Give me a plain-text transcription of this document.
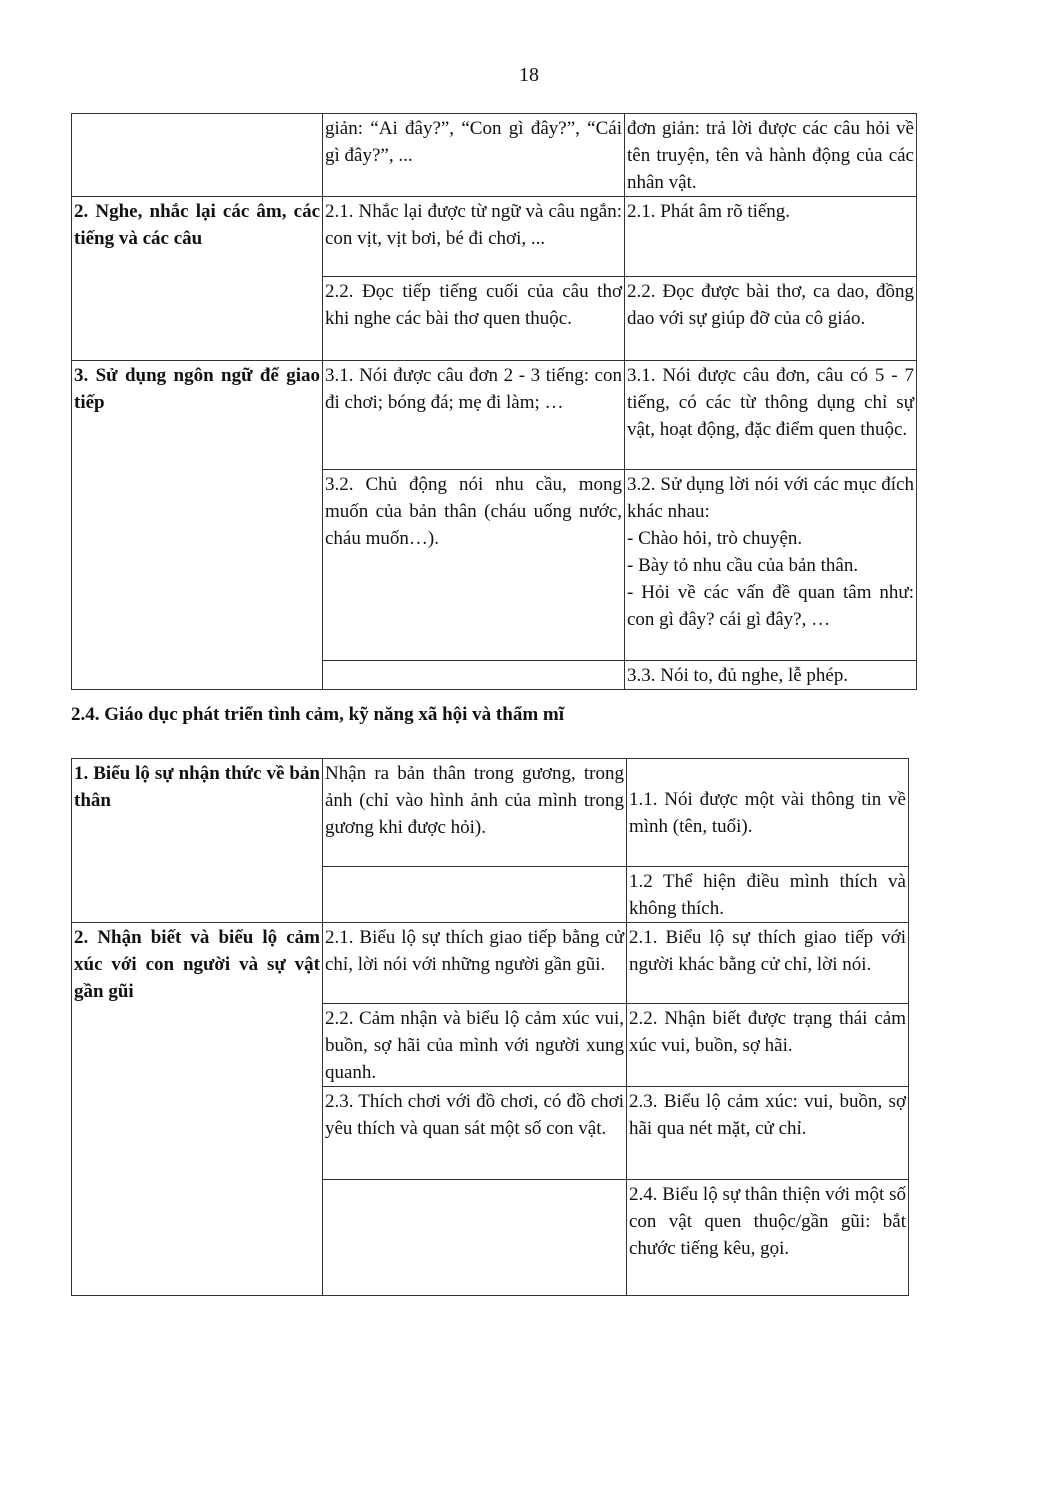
18
	giản: “Ai đây?”, “Con gì đây?”, “Cái gì đây?”, ...	đơn giản: trả lời được các câu hỏi về tên truyện, tên và hành động của các nhân vật.
2. Nghe, nhắc lại các âm, các tiếng và các câu	2.1. Nhắc lại được từ ngữ và câu ngắn: con vịt, vịt bơi, bé đi chơi, ...	2.1. Phát âm rõ tiếng.
	2.2. Đọc tiếp tiếng cuối của câu thơ khi nghe các bài thơ quen thuộc.	2.2. Đọc được bài thơ, ca dao, đồng dao với sự giúp đỡ của cô giáo.
3. Sử dụng ngôn ngữ để giao tiếp	3.1. Nói được câu đơn 2 - 3 tiếng: con đi chơi; bóng đá; mẹ đi làm; …	3.1. Nói được câu đơn, câu có 5 - 7 tiếng, có các từ thông dụng chỉ sự vật, hoạt động, đặc điểm quen thuộc.
	3.2. Chủ động nói nhu cầu, mong muốn của bản thân (cháu uống nước, cháu muốn…).	3.2. Sử dụng lời nói với các mục đích khác nhau:
- Chào hỏi, trò chuyện.
- Bày tỏ nhu cầu của bản thân.
- Hỏi về các vấn đề quan tâm như: con gì đây? cái gì đây?, …

		3.3. Nói to, đủ nghe, lễ phép.
2.4. Giáo dục phát triển tình cảm, kỹ năng xã hội và thẩm mĩ
1. Biểu lộ sự nhận thức về bản thân	Nhận ra bản thân trong gương, trong ảnh (chỉ vào hình ảnh của mình trong gương khi được hỏi).	1.1. Nói được một vài thông tin về mình (tên, tuổi).
		1.2 Thể hiện điều mình thích và không thích.
2. Nhận biết và biểu lộ cảm xúc với con người và sự vật gần gũi	2.1. Biểu lộ sự thích giao tiếp bằng cử chỉ, lời nói với những người gần gũi.	2.1. Biểu lộ sự thích giao tiếp với người khác bằng cử chỉ, lời nói.
	2.2. Cảm nhận và biểu lộ cảm xúc vui, buồn, sợ hãi của mình với người xung quanh.	2.2. Nhận biết được trạng thái cảm xúc vui, buồn, sợ hãi.
	2.3. Thích chơi với đồ chơi, có đồ chơi yêu thích và quan sát một số con vật.	2.3. Biểu lộ cảm xúc: vui, buồn, sợ hãi qua nét mặt, cử chỉ.
		2.4. Biểu lộ sự thân thiện với một số con vật quen thuộc/gần gũi: bắt chước tiếng kêu, gọi.
